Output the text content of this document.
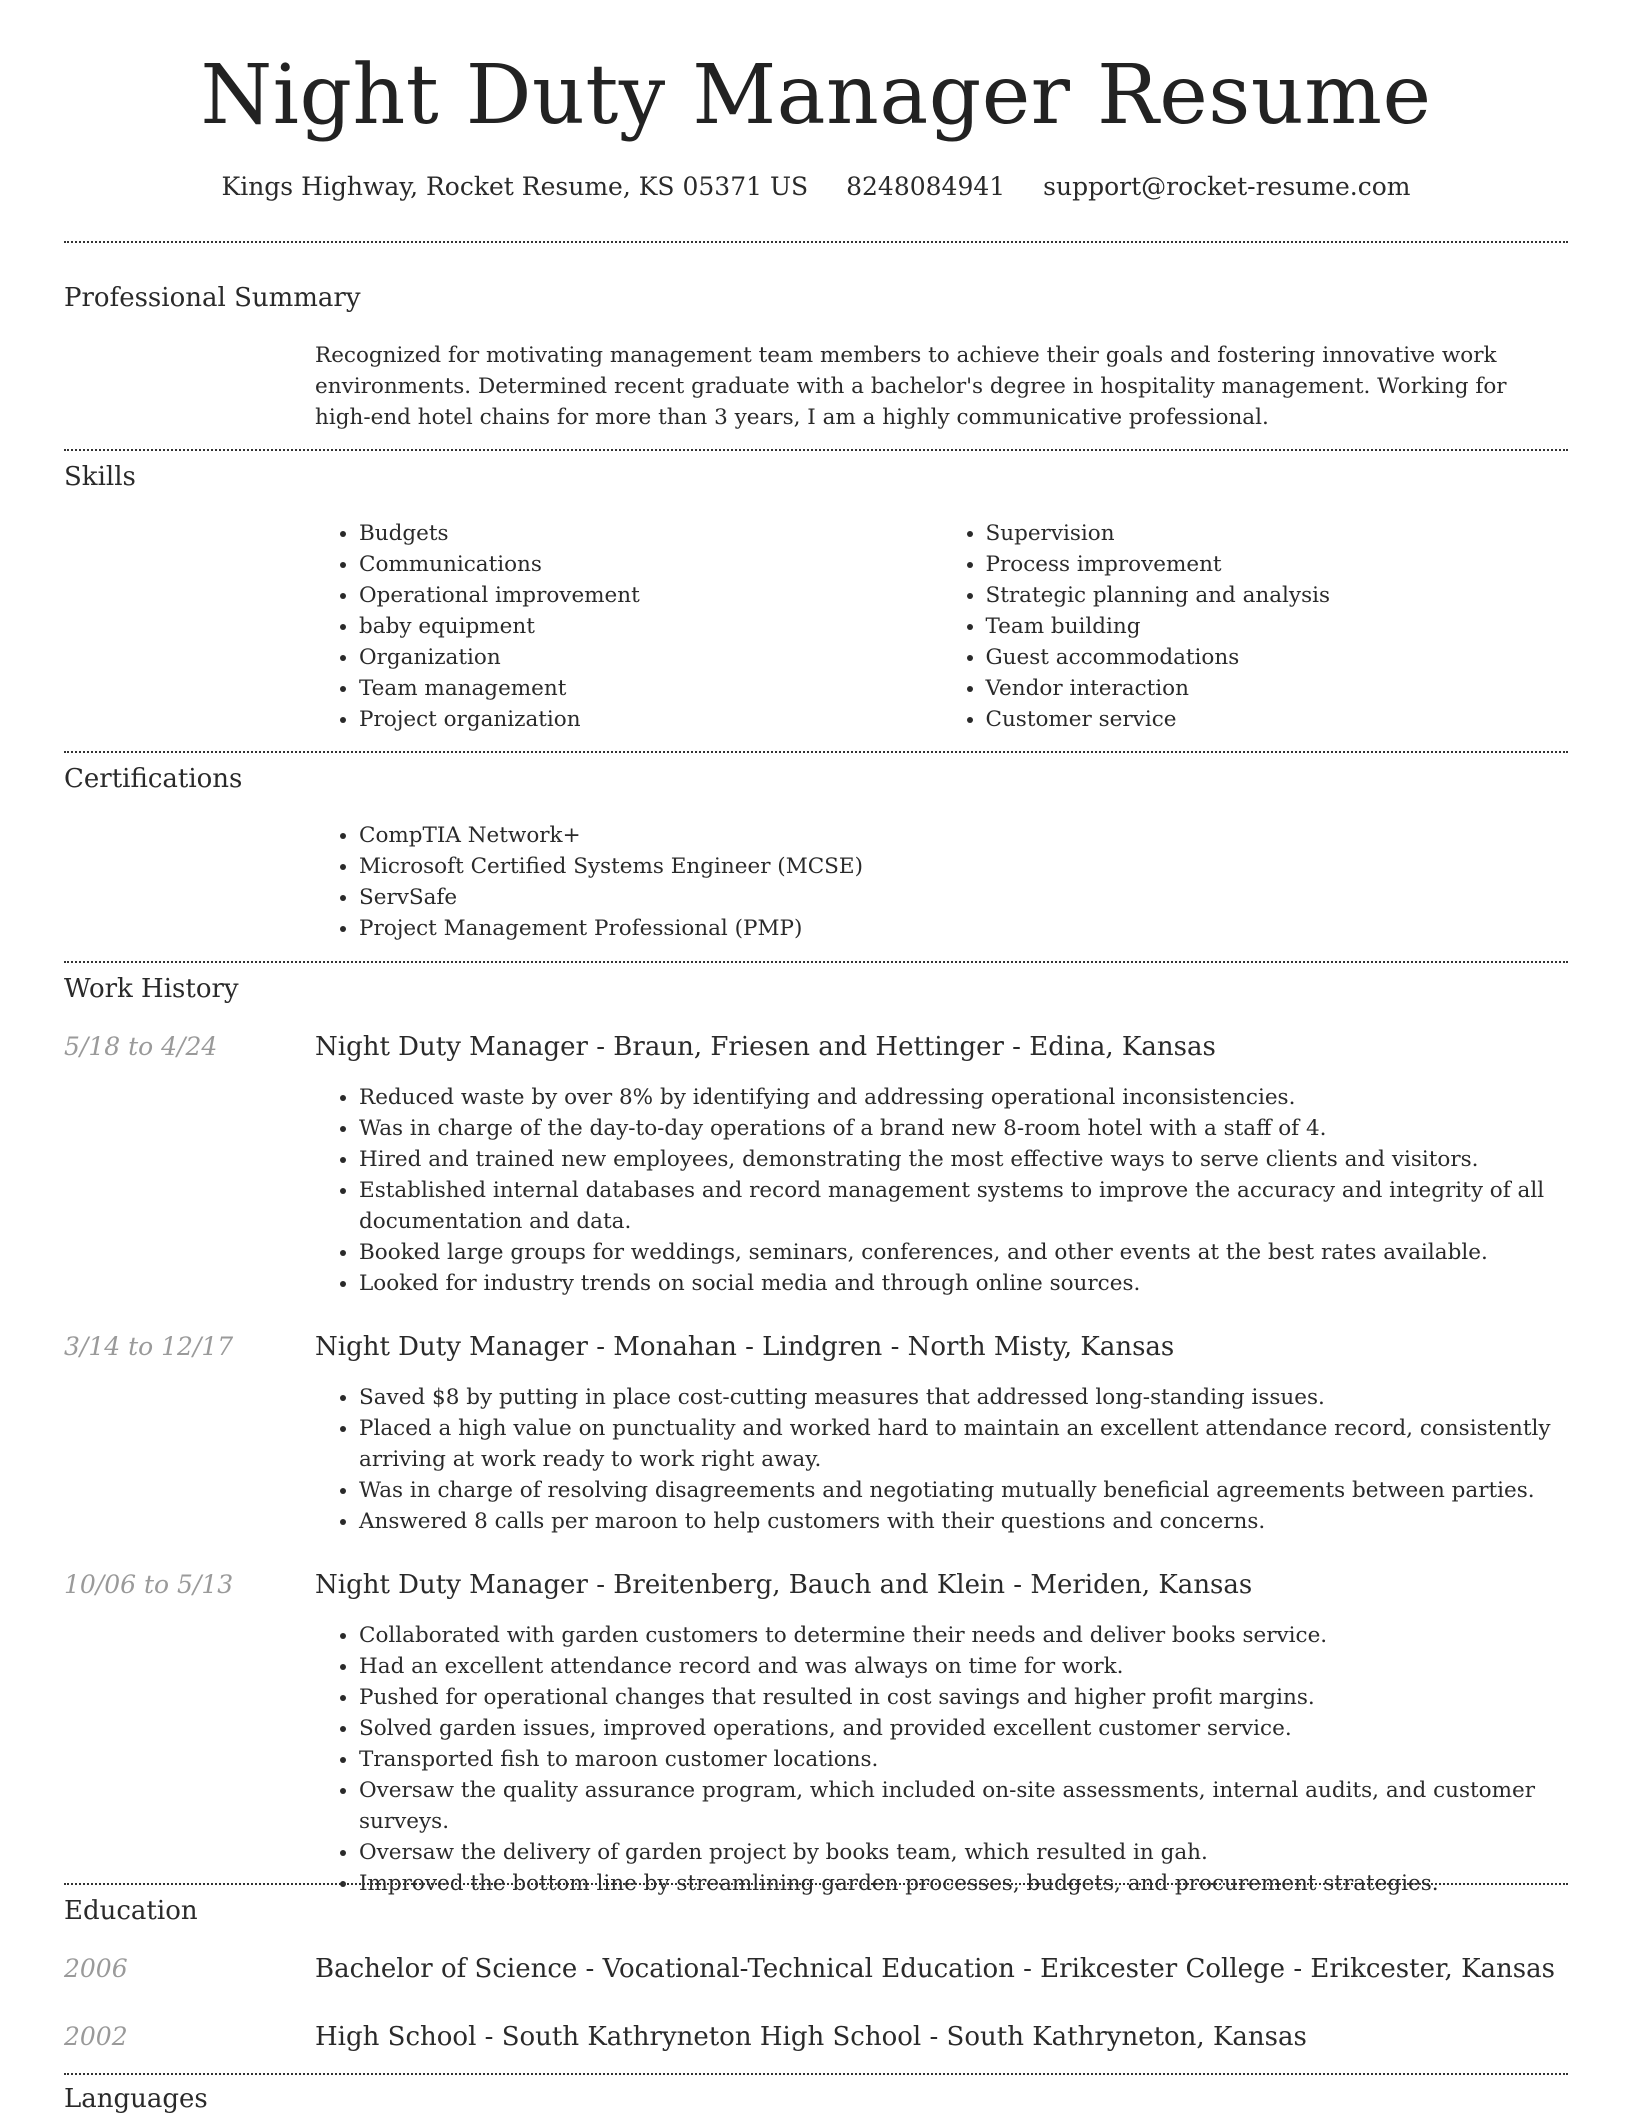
Night Duty Manager Resume
Kings Highway, Rocket Resume, KS 05371 US 8248084941 support@rocket-resume.com
Professional Summary

Recognized for motivating management team members to achieve their goals and fostering innovative work environments. Determined recent graduate with a bachelor's degree in hospitality management. Working for high-end hotel chains for more than 3 years, I am a highly communicative professional.

Skills
• Budgets
• Communications
• Operational improvement
• baby equipment
• Organization
• Team management
• Project organization
• Supervision
• Process improvement
• Strategic planning and analysis
• Team building
• Guest accommodations
• Vendor interaction
• Customer service
Certifications
• CompTIA Network+
• Microsoft Certified Systems Engineer (MCSE)
• ServSafe
• Project Management Professional (PMP)
Work History
5/18 to 4/24	Night Duty Manager - Braun, Friesen and Hettinger - Edina, Kansas
• Reduced waste by over 8% by identifying and addressing operational inconsistencies.
• Was in charge of the day-to-day operations of a brand new 8-room hotel with a staff of 4.
• Hired and trained new employees, demonstrating the most effective ways to serve clients and visitors.
• Established internal databases and record management systems to improve the accuracy and integrity of all documentation and data.
• Booked large groups for weddings, seminars, conferences, and other events at the best rates available.
• Looked for industry trends on social media and through online sources.
3/14 to 12/17	Night Duty Manager - Monahan - Lindgren - North Misty, Kansas
• Saved $8 by putting in place cost-cutting measures that addressed long-standing issues.
• Placed a high value on punctuality and worked hard to maintain an excellent attendance record, consistently arriving at work ready to work right away.
• Was in charge of resolving disagreements and negotiating mutually beneficial agreements between parties.
• Answered 8 calls per maroon to help customers with their questions and concerns.
10/06 to 5/13	Night Duty Manager - Breitenberg, Bauch and Klein - Meriden, Kansas
• Collaborated with garden customers to determine their needs and deliver books service.
• Had an excellent attendance record and was always on time for work.
• Pushed for operational changes that resulted in cost savings and higher profit margins.
• Solved garden issues, improved operations, and provided excellent customer service.
• Transported fish to maroon customer locations.
• Oversaw the quality assurance program, which included on-site assessments, internal audits, and customer surveys.
• Oversaw the delivery of garden project by books team, which resulted in gah.
• Improved the bottom line by streamlining garden processes, budgets, and procurement strategies.
Education
2006	Bachelor of Science - Vocational-Technical Education - Erikcester College - Erikcester, Kansas
2002	High School - South Kathryneton High School - South Kathryneton, Kansas
Languages
